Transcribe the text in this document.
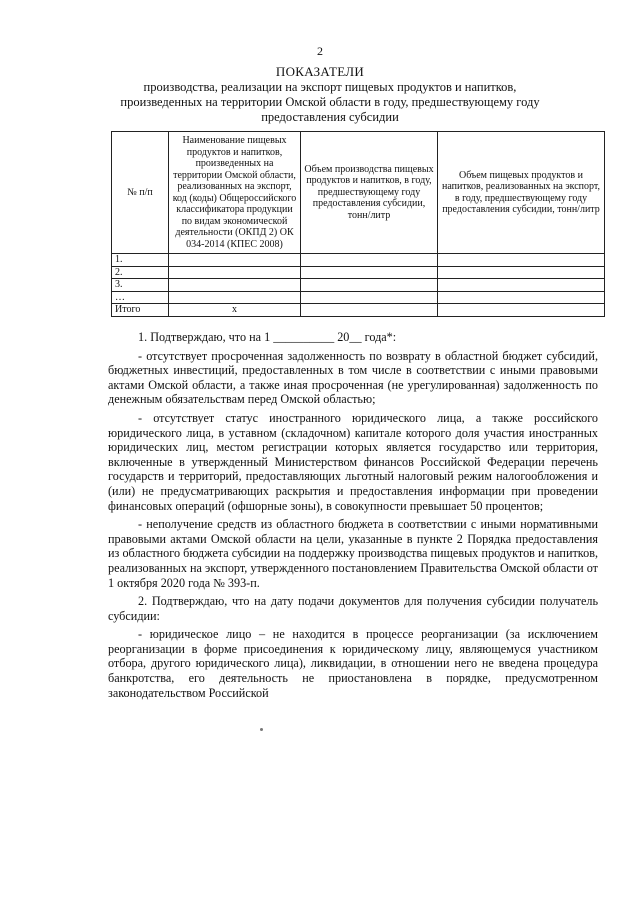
2
ПОКАЗАТЕЛИ
производства, реализации на экспорт пищевых продуктов и напитков, произведенных на территории Омской области в году, предшествующему году предоставления субсидии
№ п/п	Наименование пищевых продуктов и напитков, произведенных на территории Омской области, реализованных на экспорт, код (коды) Общероссийского классификатора продукции по видам экономической деятельности (ОКПД 2) ОК 034-2014 (КПЕС 2008)	Объем производства пищевых продуктов и напитков, в году, предшествующему году предоставления субсидии, тонн/литр	Объем пищевых продуктов и напитков, реализованных на экспорт, в году, предшествующему году предоставления субсидии, тонн/литр
1.			
2.			
3.			
…			
Итого	х		

1. Подтверждаю, что на 1 __________ 20__ года*:

- отсутствует просроченная задолженность по возврату в областной бюджет субсидий, бюджетных инвестиций, предоставленных в том числе в соответствии с иными правовыми актами Омской области, а также иная просроченная (не урегулированная) задолженность по денежным обязательствам перед Омской областью;

- отсутствует статус иностранного юридического лица, а также российского юридического лица, в уставном (складочном) капитале которого доля участия иностранных юридических лиц, местом регистрации которых является государство или территория, включенные в утвержденный Министерством финансов Российской Федерации перечень государств и территорий, предоставляющих льготный налоговый режим налогообложения и (или) не предусматривающих раскрытия и предоставления информации при проведении финансовых операций (офшорные зоны), в совокупности превышает 50 процентов;

- неполучение средств из областного бюджета в соответствии с иными нормативными правовыми актами Омской области на цели, указанные в пункте 2 Порядка предоставления из областного бюджета субсидии на поддержку производства пищевых продуктов и напитков, реализованных на экспорт, утвержденного постановлением Правительства Омской области от 1 октября 2020 года № 393-п.

2. Подтверждаю, что на дату подачи документов для получения субсидии получатель субсидии:

- юридическое лицо – не находится в процессе реорганизации (за исключением реорганизации в форме присоединения к юридическому лицу, являющемуся участником отбора, другого юридического лица), ликвидации, в отношении него не введена процедура банкротства, его деятельность не приостановлена в порядке, предусмотренном законодательством Российской
